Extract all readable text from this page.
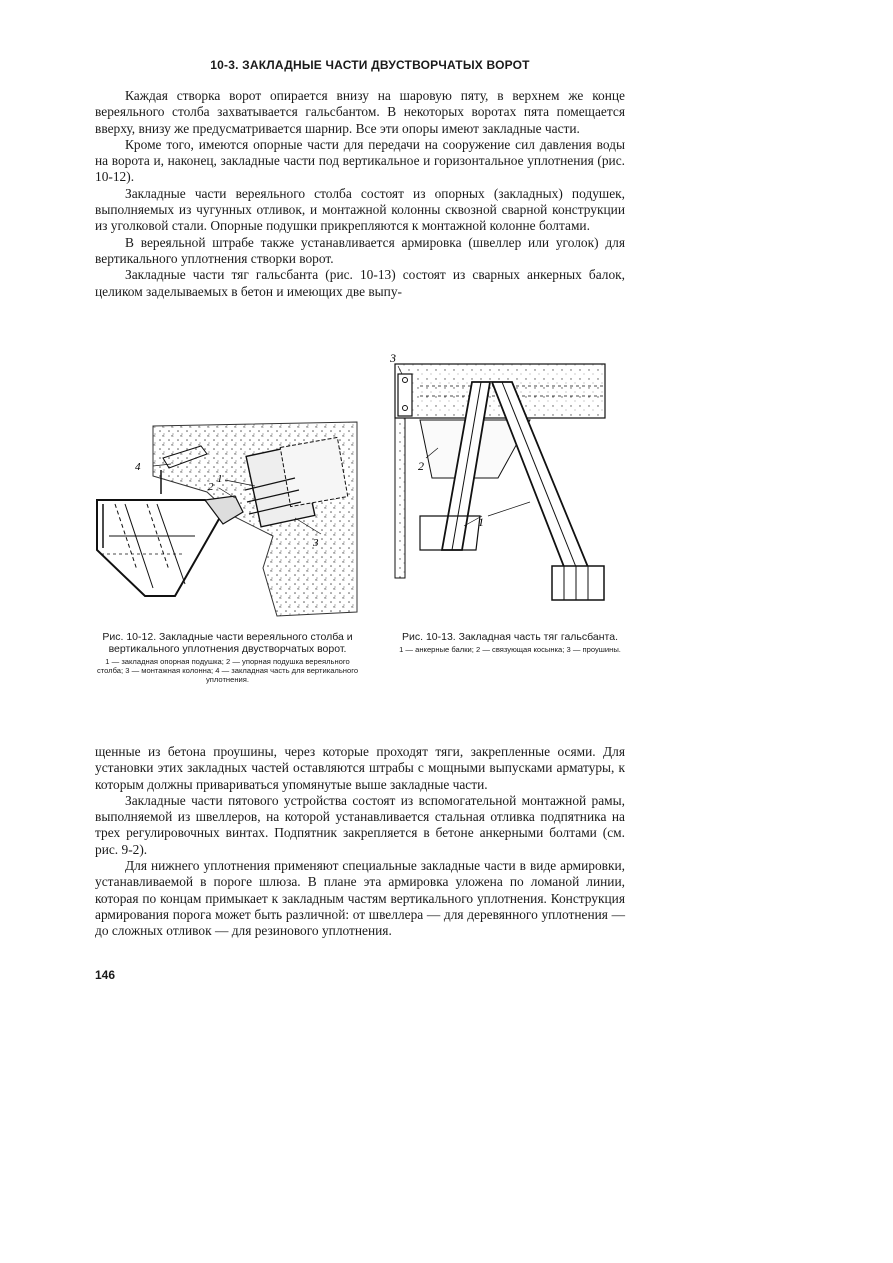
10-3. ЗАКЛАДНЫЕ ЧАСТИ ДВУСТВОРЧАТЫХ ВОРОТ

Каждая створка ворот опирается внизу на шаровую пяту, в верхнем же конце вереяльного столба захватывается гальсбантом. В некоторых воротах пята помещается вверху, внизу же предусматривается шарнир. Все эти опоры имеют закладные части.

Кроме того, имеются опорные части для передачи на сооружение сил давления воды на ворота и, наконец, закладные части под вертикальное и горизонтальное уплотнения (рис. 10-12).

Закладные части вереяльного столба состоят из опорных (закладных) подушек, выполняемых из чугунных отливок, и монтажной колонны сквозной сварной конструкции из уголковой стали. Опорные подушки прикрепляются к монтажной колонне болтами.

В вереяльной штрабе также устанавливается армировка (швеллер или уголок) для вертикального уплотнения створки ворот.

Закладные части тяг гальсбанта (рис. 10-13) состоят из сварных анкерных балок, целиком заделываемых в бетон и имеющих две выпу-

4
2
1
3
3
2
1
Рис. 10-12. Закладные части вереяльного столба и вертикального уплотнения двустворчатых ворот.
1 — закладная опорная подушка; 2 — упорная подушка вереяльного столба; 3 — монтажная колонна; 4 — закладная часть для вертикального уплотнения.
Рис. 10-13. Закладная часть тяг гальсбанта.
1 — анкерные балки; 2 — связующая косынка; 3 — проушины.

щенные из бетона проушины, через которые проходят тяги, закрепленные осями. Для установки этих закладных частей оставляются штрабы с мощными выпусками арматуры, к которым должны привариваться упомянутые выше закладные части.

Закладные части пятового устройства состоят из вспомогательной монтажной рамы, выполняемой из швеллеров, на которой устанавливается стальная отливка подпятника на трех регулировочных винтах. Подпятник закрепляется в бетоне анкерными болтами (см. рис. 9-2).

Для нижнего уплотнения применяют специальные закладные части в виде армировки, устанавливаемой в пороге шлюза. В плане эта армировка уложена по ломаной линии, которая по концам примыкает к закладным частям вертикального уплотнения. Конструкция армирования порога может быть различной: от швеллера — для деревянного уплотнения — до сложных отливок — для резинового уплотнения.

146
